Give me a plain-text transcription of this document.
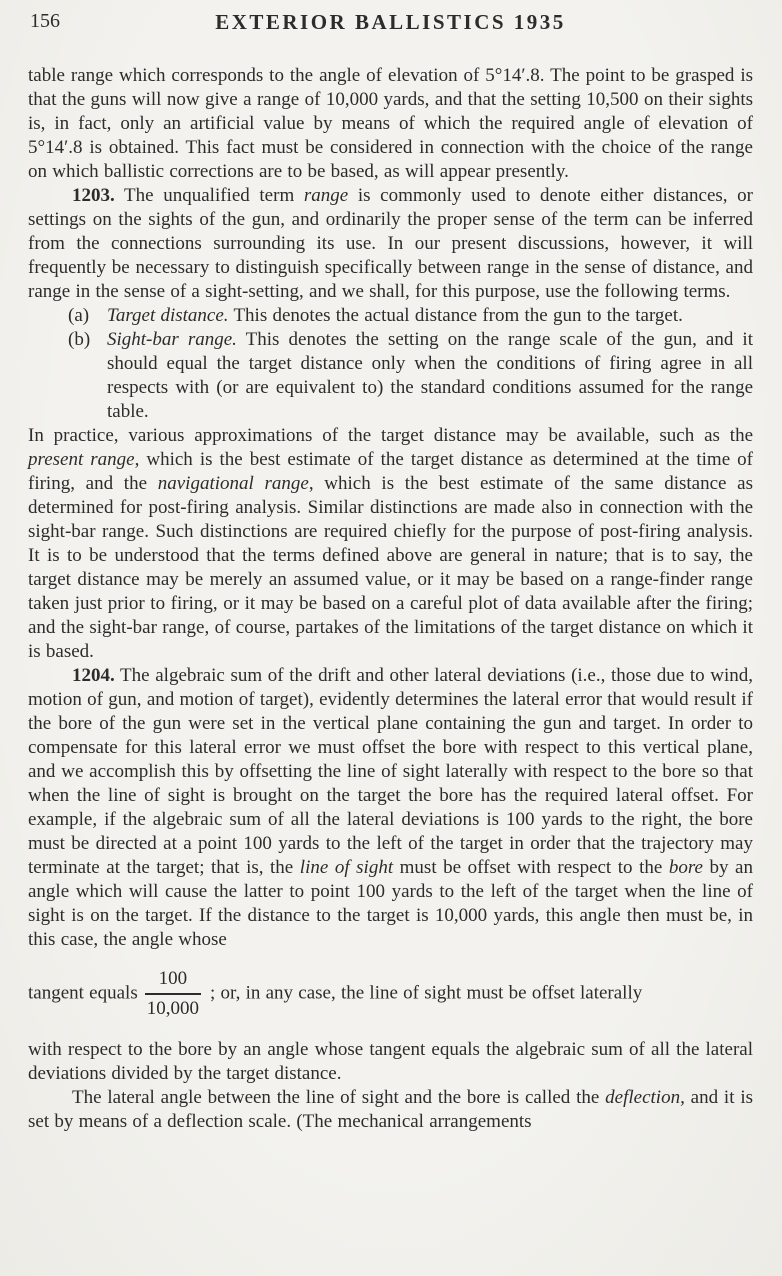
156	EXTERIOR BALLISTICS 1935

table range which corresponds to the angle of elevation of 5°14′.8. The point to be grasped is that the guns will now give a range of 10,000 yards, and that the setting 10,500 on their sights is, in fact, only an artificial value by means of which the required angle of elevation of 5°14′.8 is obtained. This fact must be considered in connection with the choice of the range on which ballistic corrections are to be based, as will appear presently.

1203. The unqualified term range is commonly used to denote either distances, or settings on the sights of the gun, and ordinarily the proper sense of the term can be inferred from the connections surrounding its use. In our present discussions, however, it will frequently be necessary to distinguish specifically between range in the sense of distance, and range in the sense of a sight-setting, and we shall, for this purpose, use the following terms.

(a) Target distance. This denotes the actual distance from the gun to the target.
(b) Sight-bar range. This denotes the setting on the range scale of the gun, and it should equal the target distance only when the conditions of firing agree in all respects with (or are equivalent to) the standard conditions assumed for the range table.

In practice, various approximations of the target distance may be available, such as the present range, which is the best estimate of the target distance as determined at the time of firing, and the navigational range, which is the best estimate of the same distance as determined for post-firing analysis. Similar distinctions are made also in connection with the sight-bar range. Such distinctions are required chiefly for the purpose of post-firing analysis. It is to be understood that the terms defined above are general in nature; that is to say, the target distance may be merely an assumed value, or it may be based on a range-finder range taken just prior to firing, or it may be based on a careful plot of data available after the firing; and the sight-bar range, of course, partakes of the limitations of the target distance on which it is based.

1204. The algebraic sum of the drift and other lateral deviations (i.e., those due to wind, motion of gun, and motion of target), evidently determines the lateral error that would result if the bore of the gun were set in the vertical plane containing the gun and target. In order to compensate for this lateral error we must offset the bore with respect to this vertical plane, and we accomplish this by offsetting the line of sight laterally with respect to the bore so that when the line of sight is brought on the target the bore has the required lateral offset. For example, if the algebraic sum of all the lateral deviations is 100 yards to the right, the bore must be directed at a point 100 yards to the left of the target in order that the trajectory may terminate at the target; that is, the line of sight must be offset with respect to the bore by an angle which will cause the latter to point 100 yards to the left of the target when the line of sight is on the target. If the distance to the target is 10,000 yards, this angle then must be, in this case, the angle whose

tangent equals $\frac{100}{10,000}$ ; or, in any case, the line of sight must be offset laterally

with respect to the bore by an angle whose tangent equals the algebraic sum of all the lateral deviations divided by the target distance.

The lateral angle between the line of sight and the bore is called the deflection, and it is set by means of a deflection scale. (The mechanical arrangements
